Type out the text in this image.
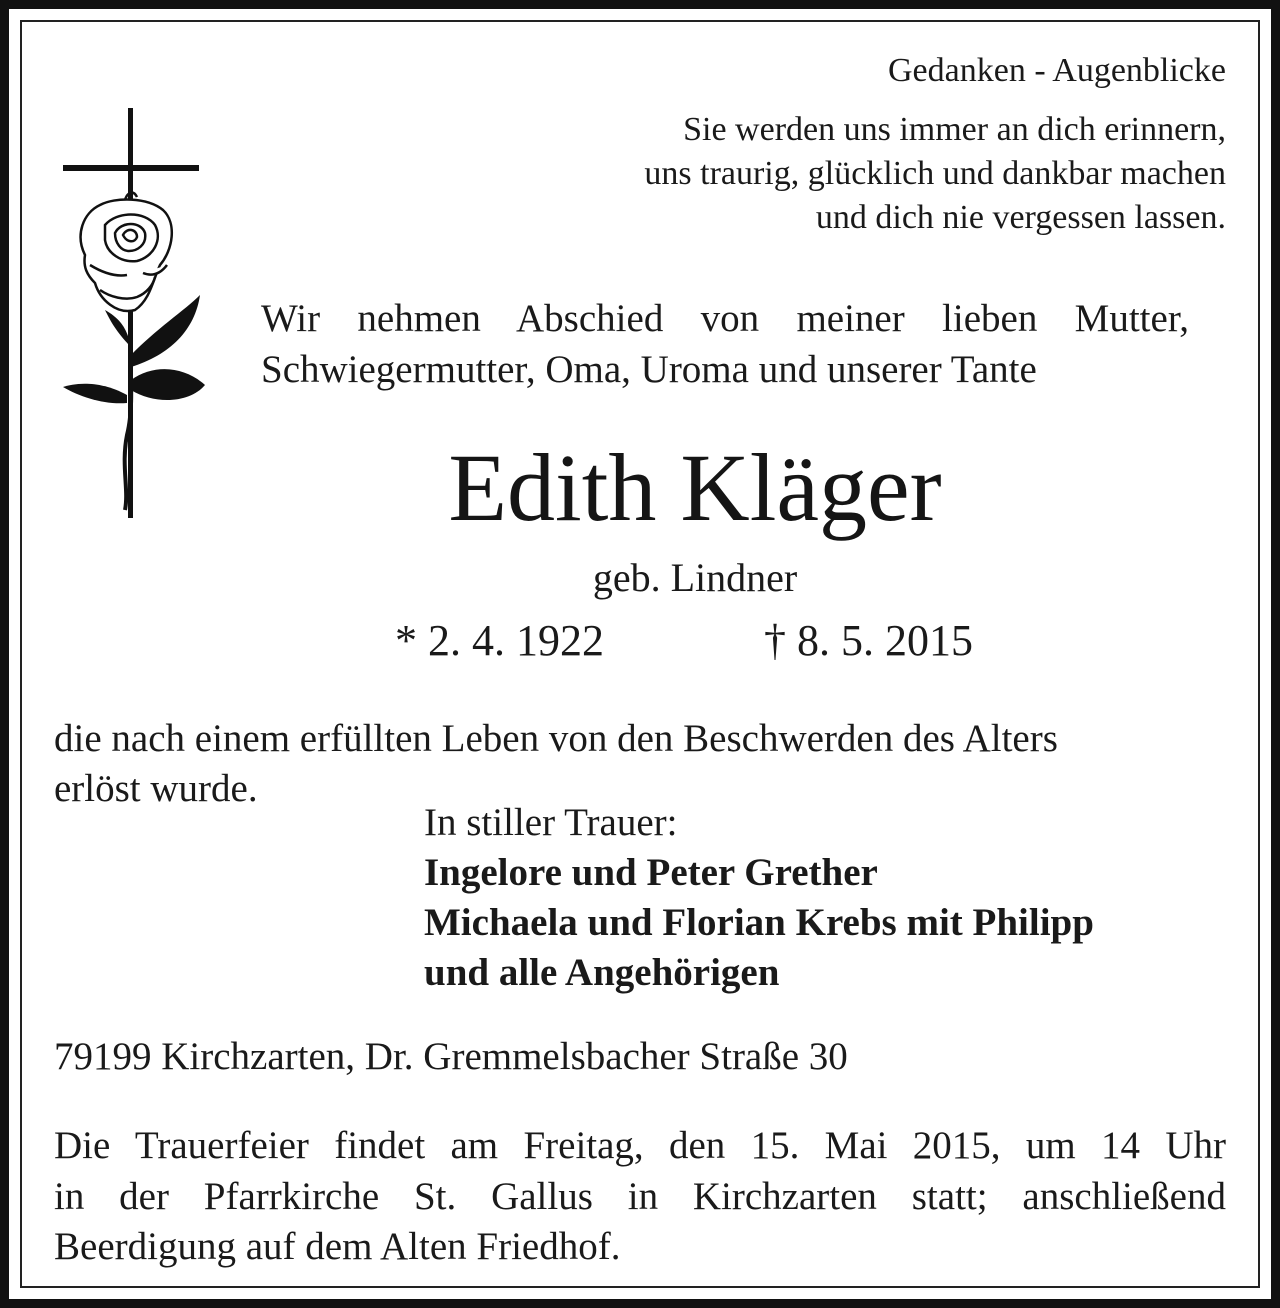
Gedanken - Augenblicke

Sie werden uns immer an dich erinnern,

uns traurig, glücklich und dankbar machen

und dich nie vergessen lassen.

Wir nehmen Abschied von meiner lieben Mutter,

Schwiegermutter, Oma, Uroma und unserer Tante

Edith Kläger

geb. Lindner

* 2. 4. 1922	† 8. 5. 2015

die nach einem erfüllten Leben von den Beschwerden des Alters

erlöst wurde.

In stiller Trauer:

Ingelore und Peter Grether

Michaela und Florian Krebs mit Philipp

und alle Angehörigen

79199 Kirchzarten, Dr. Gremmelsbacher Straße 30

Die Trauerfeier findet am Freitag, den 15. Mai 2015, um 14 Uhr

in der Pfarrkirche St. Gallus in Kirchzarten statt; anschließend

Beerdigung auf dem Alten Friedhof.
